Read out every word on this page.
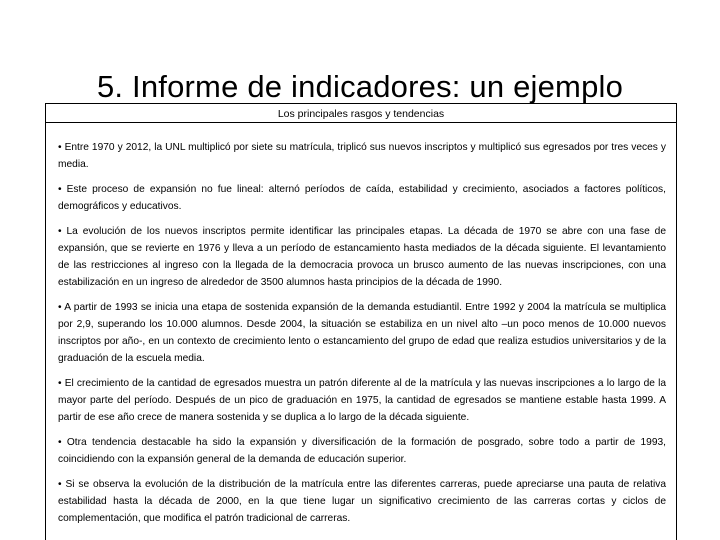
5. Informe de indicadores: un ejemplo
Los principales rasgos y tendencias

• Entre 1970 y 2012, la UNL multiplicó por siete su matrícula, triplicó sus nuevos inscriptos y multiplicó sus egresados por tres veces y media.

• Este proceso de expansión no fue lineal: alternó períodos de caída, estabilidad y crecimiento, asociados a factores políticos, demográficos y educativos.

• La evolución de los nuevos inscriptos permite identificar las principales etapas. La década de 1970 se abre con una fase de expansión, que se revierte en 1976 y lleva a un período de estancamiento hasta mediados de la década siguiente. El levantamiento de las restricciones al ingreso con la llegada de la democracia provoca un brusco aumento de las nuevas inscripciones, con una estabilización en un ingreso de alrededor de 3500 alumnos hasta principios de la década de 1990.

• A partir de 1993 se inicia una etapa de sostenida expansión de la demanda estudiantil. Entre 1992 y 2004 la matrícula se multiplica por 2,9, superando los 10.000 alumnos. Desde 2004, la situación se estabiliza en un nivel alto –un poco menos de 10.000 nuevos inscriptos por año-, en un contexto de crecimiento lento o estancamiento del grupo de edad que realiza estudios universitarios y de la graduación de la escuela media.

• El crecimiento de la cantidad de egresados muestra un patrón diferente al de la matrícula y las nuevas inscripciones a lo largo de la mayor parte del período. Después de un pico de graduación en 1975, la cantidad de egresados se mantiene estable hasta 1999. A partir de ese año crece de manera sostenida y se duplica a lo largo de la década siguiente.

• Otra tendencia destacable ha sido la expansión y diversificación de la formación de posgrado, sobre todo a partir de 1993, coincidiendo con la expansión general de la demanda de educación superior.

• Si se observa la evolución de la distribución de la matrícula entre las diferentes carreras, puede apreciarse una pauta de relativa estabilidad hasta la década de 2000, en la que tiene lugar un significativo crecimiento de las carreras cortas y ciclos de complementación, que modifica el patrón tradicional de carreras.
